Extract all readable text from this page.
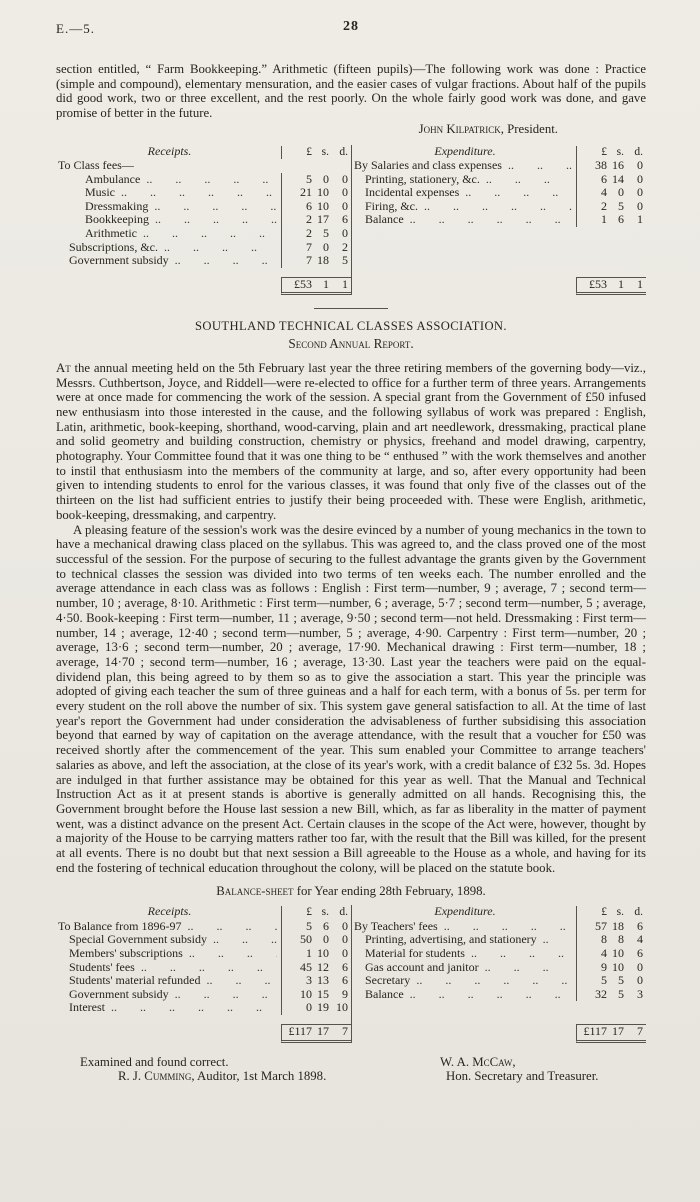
E.—5.	28

section entitled, “ Farm Bookkeeping.” Arithmetic (fifteen pupils)—The following work was done : Practice (simple and compound), elementary mensuration, and the easier cases of vulgar fractions. About half of the pupils did good work, two or three excellent, and the rest poorly. On the whole fairly good work was done, and gave promise of better in the future.

John Kilpatrick, President.
Receipts.	£ s. d.
To Class fees—
Ambulance .. ..	5 0	0
Music .. ..	21 10	0
Dressmaking .. ..	6 10	0
Bookkeeping .. ..	2 17	6
Arithmetic .. ..	2 5	0
Subscriptions, &c. .. ..	7 0	2
Government subsidy .. ..	7 18	5
£53 1	1
Expenditure.	£ s. d.
By Salaries and class expenses .. ..	38 16	0
Printing, stationery, &c. .. ..	6 14	0
Incidental expenses .. ..	4 0	0
Firing, &c. .. ..	2 5	0
Balance .. ..	1 6	1
£53 1	1

SOUTHLAND TECHNICAL CLASSES ASSOCIATION.

Second Annual Report.

At the annual meeting held on the 5th February last year the three retiring members of the governing body—viz., Messrs. Cuthbertson, Joyce, and Riddell—were re-elected to office for a further term of three years. Arrangements were at once made for commencing the work of the session. A special grant from the Government of £50 infused new enthusiasm into those interested in the cause, and the following syllabus of work was prepared : English, Latin, arithmetic, book-keeping, shorthand, wood-carving, plain and art needlework, dressmaking, practical plane and solid geometry and building construction, chemistry or physics, freehand and model drawing, carpentry, photography. Your Committee found that it was one thing to be “ enthused ” with the work themselves and another to instil that enthusiasm into the members of the community at large, and so, after every opportunity had been given to intending students to enrol for the various classes, it was found that only five of the classes out of the thirteen on the list had sufficient entries to justify their being proceeded with. These were English, arithmetic, book-keeping, dressmaking, and carpentry.

A pleasing feature of the session's work was the desire evinced by a number of young mechanics in the town to have a mechanical drawing class placed on the syllabus. This was agreed to, and the class proved one of the most successful of the session. For the purpose of securing to the fullest advantage the grants given by the Government to technical classes the session was divided into two terms of ten weeks each. The number enrolled and the average attendance in each class was as follows : English : First term—number, 9 ; average, 7 ; second term—number, 10 ; average, 8·10. Arithmetic : First term—number, 6 ; average, 5·7 ; second term—number, 5 ; average, 4·50. Book-keeping : First term—number, 11 ; average, 9·50 ; second term—not held. Dressmaking : First term—number, 14 ; average, 12·40 ; second term—number, 5 ; average, 4·90. Carpentry : First term—number, 20 ; average, 13·6 ; second term—number, 20 ; average, 17·90. Mechanical drawing : First term—number, 18 ; average, 14·70 ; second term—number, 16 ; average, 13·30. Last year the teachers were paid on the equal-dividend plan, this being agreed to by them so as to give the association a start. This year the principle was adopted of giving each teacher the sum of three guineas and a half for each term, with a bonus of 5s. per term for every student on the roll above the number of six. This system gave general satisfaction to all. At the time of last year's report the Government had under consideration the advisableness of further subsidising this association beyond that earned by way of capitation on the average attendance, with the result that a voucher for £50 was received shortly after the commencement of the year. This sum enabled your Committee to arrange teachers' salaries as above, and left the association, at the close of its year's work, with a credit balance of £32 5s. 3d. Hopes are indulged in that further assistance may be obtained for this year as well. That the Manual and Technical Instruction Act as it at present stands is abortive is generally admitted on all hands. Recognising this, the Government brought before the House last session a new Bill, which, as far as liberality in the matter of payment went, was a distinct advance on the present Act. Certain clauses in the scope of the Act were, however, thought by a majority of the House to be carrying matters rather too far, with the result that the Bill was killed, for the present at all events. There is no doubt but that next session a Bill agreeable to the House as a whole, and having for its end the fostering of technical education throughout the colony, will be placed on the statute book.

Balance-sheet for Year ending 28th February, 1898.

Receipts.	£ s. d.
To Balance from 1896-97 .. ..	5 6	0
Special Government subsidy .. ..	50 0	0
Members' subscriptions .. ..	1 10	0
Students' fees .. ..	45 12	6
Students' material refunded .. ..	3 13	6
Government subsidy .. ..	10 15	9
Interest .. ..	0 19 10
£117 17	7
Expenditure.	£ s. d.
By Teachers' fees .. ..	57 18	6
Printing, advertising, and stationery .. ..	8 8	4
Material for students .. ..	4 10	6
Gas account and janitor .. ..	9 10	0
Secretary .. ..	5 5	0
Balance .. ..	32 5	3
£117 17	7
Examined and found correct.
R. J. Cumming, Auditor, 1st March 1898.
W. A. McCaw,
Hon. Secretary and Treasurer.
